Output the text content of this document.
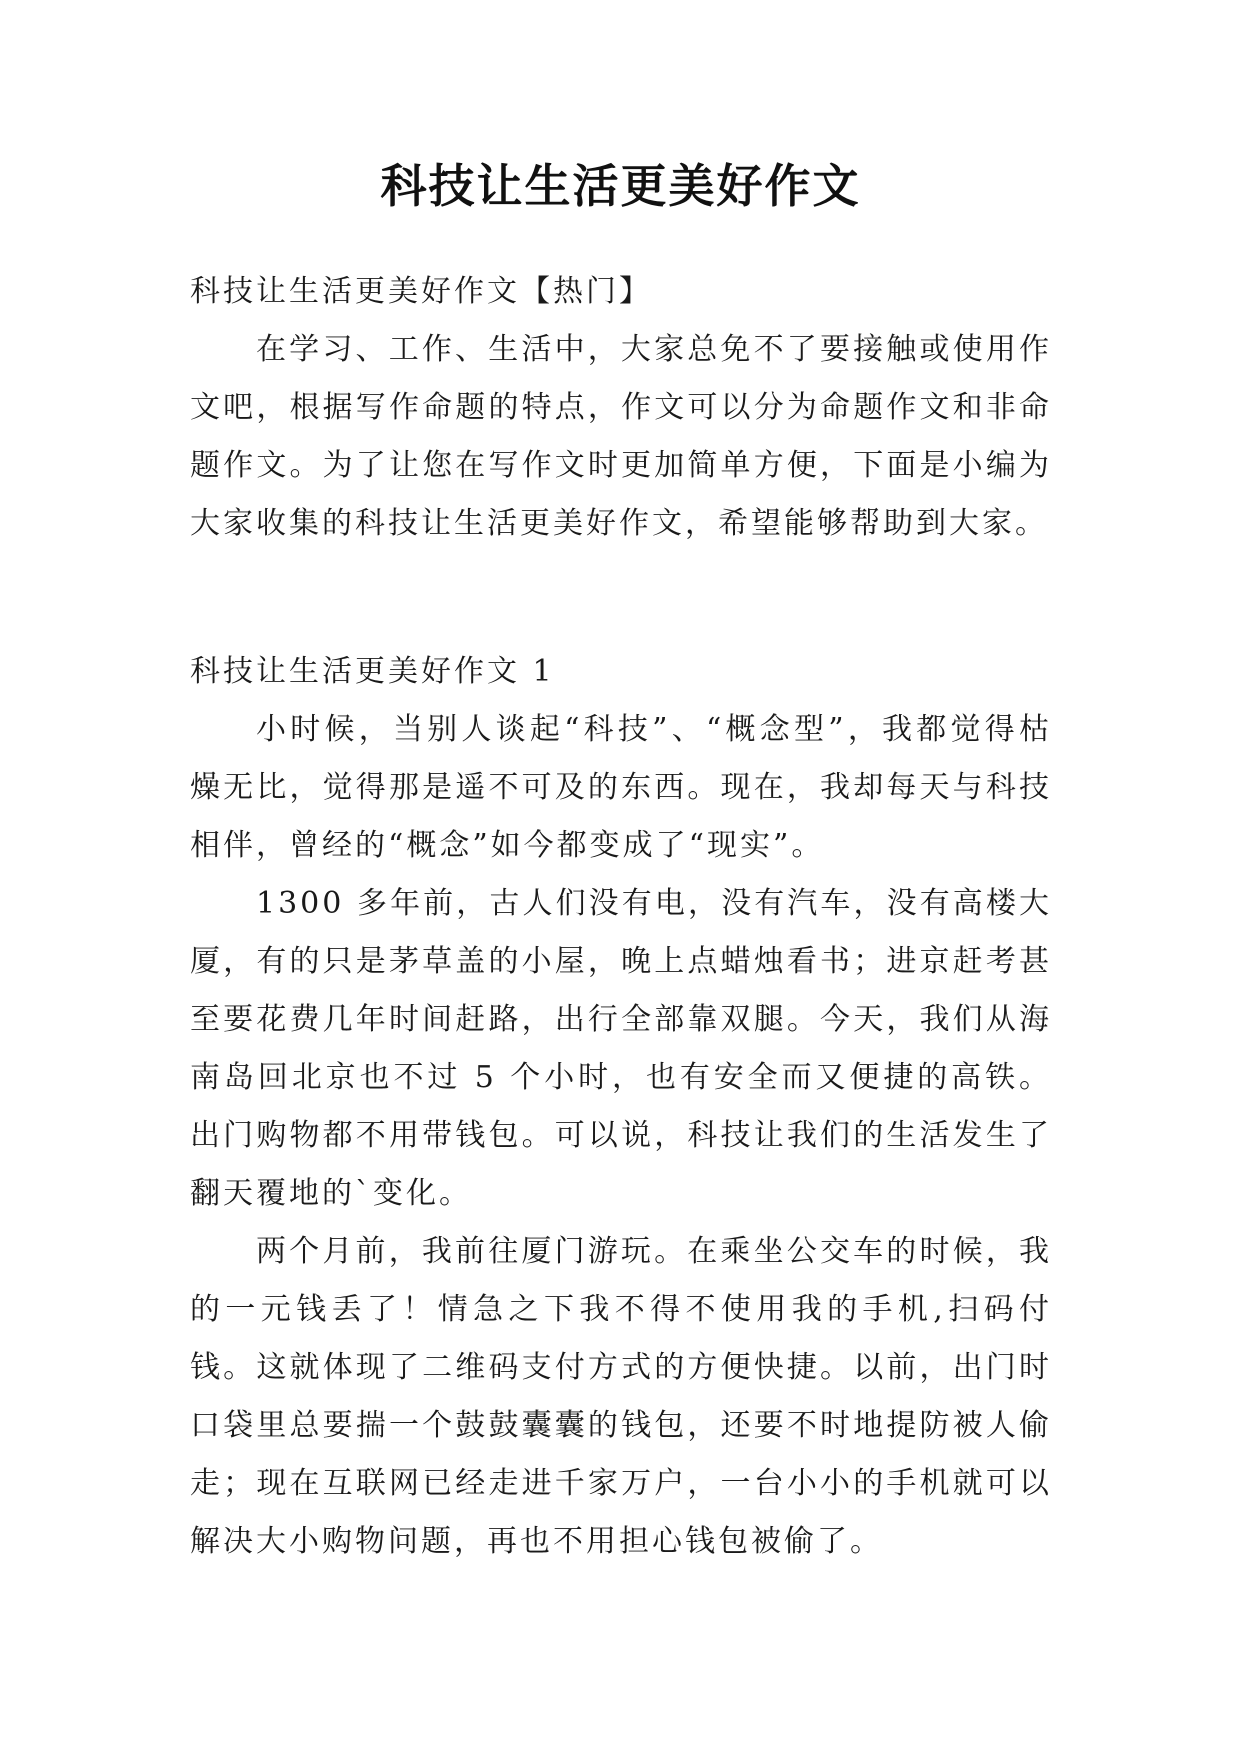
科技让生活更美好作文

科技让生活更美好作文【热门】

在学习、工作、生活中，大家总免不了要接触或使用作文吧，根据写作命题的特点，作文可以分为命题作文和非命题作文。为了让您在写作文时更加简单方便，下面是小编为大家收集的科技让生活更美好作文，希望能够帮助到大家。

科技让生活更美好作文 1

小时候，当别人谈起“科技”、“概念型”，我都觉得枯燥无比，觉得那是遥不可及的东西。现在，我却每天与科技相伴，曾经的“概念”如今都变成了“现实”。

1300 多年前，古人们没有电，没有汽车，没有高楼大厦，有的只是茅草盖的小屋，晚上点蜡烛看书；进京赶考甚至要花费几年时间赶路，出行全部靠双腿。今天，我们从海南岛回北京也不过 5 个小时，也有安全而又便捷的高铁。出门购物都不用带钱包。可以说，科技让我们的生活发生了翻天覆地的`变化。

两个月前，我前往厦门游玩。在乘坐公交车的时候，我的一元钱丢了！情急之下我不得不使用我的手机,扫码付钱。这就体现了二维码支付方式的方便快捷。以前，出门时口袋里总要揣一个鼓鼓囊囊的钱包，还要不时地提防被人偷走；现在互联网已经走进千家万户，一台小小的手机就可以解决大小购物问题，再也不用担心钱包被偷了。
